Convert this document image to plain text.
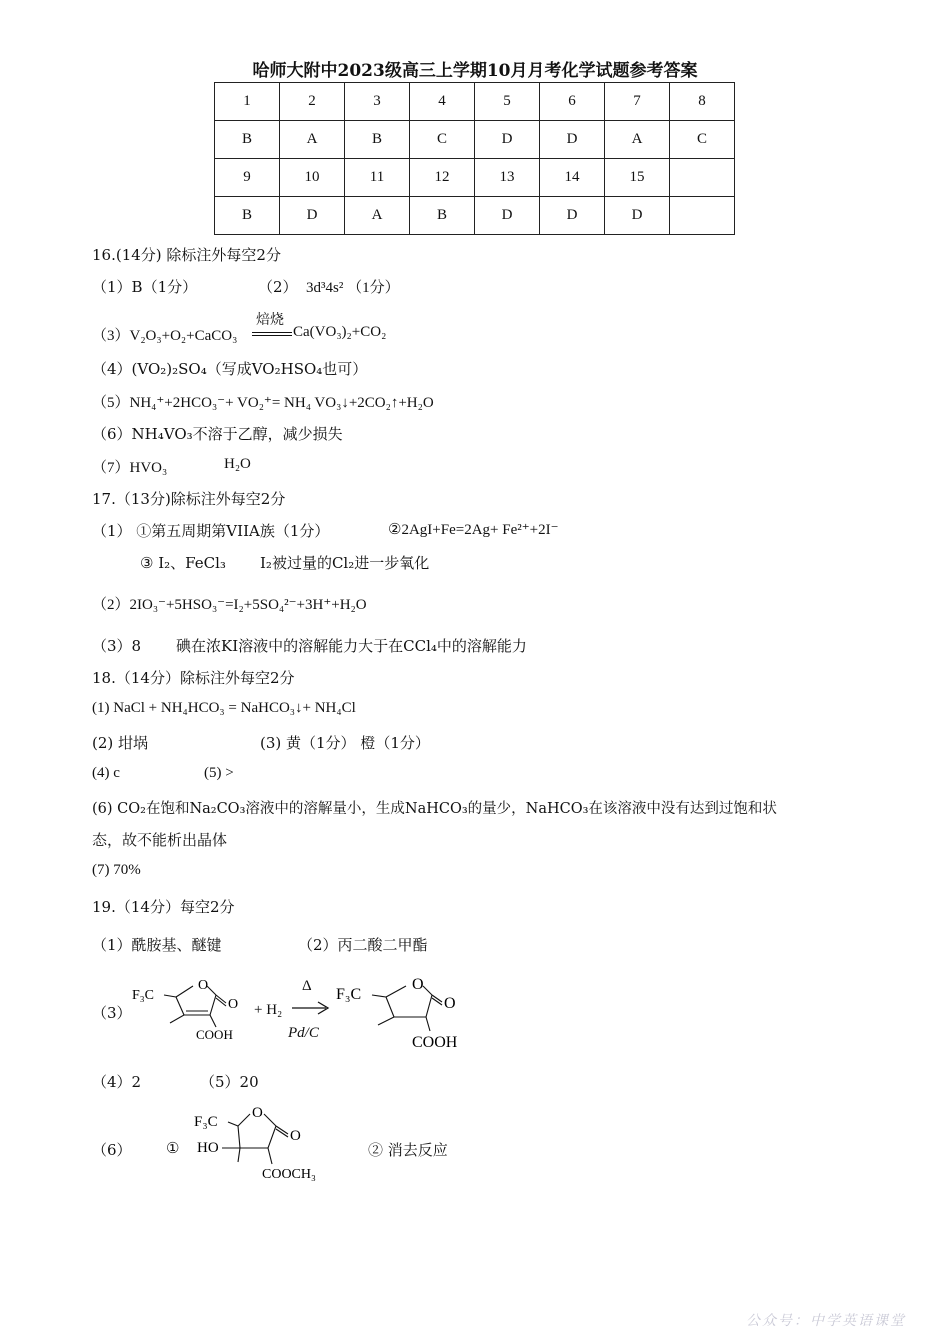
哈师大附中2023级高三上学期10月月考化学试题参考答案
1	2	3	4	5	6	7	8
B	A	B	C	D	D	A	C
9	10	11	12	13	14	15	
B	D	A	B	D	D	D	
16.(14分) 除标注外每空2分
（1）B（1分）	（2） 3d³4s² （1分）
（3）V₂O₃+O₂+CaCO₃
焙烧
Ca(VO₃)₂+CO₂
（4）(VO₂)₂SO₄（写成VO₂HSO₄也可）
（5）NH₄⁺+2HCO₃⁻+ VO₂⁺= NH₄ VO₃↓+2CO₂↑+H₂O
（6）NH₄VO₃不溶于乙醇，减少损失
（7）HVO₃	H₂O
17.（13分)除标注外每空2分
（1） ①第五周期第VIIA族（1分）	②2AgI+Fe=2Ag+ Fe²⁺+2I⁻
③ I₂、FeCl₃ I₂被过量的Cl₂进一步氧化
（2）2IO₃⁻+5HSO₃⁻=I₂+5SO₄²⁻+3H⁺+H₂O
（3）8 碘在浓KI溶液中的溶解能力大于在CCl₄中的溶解能力
18.（14分）除标注外每空2分
(1) NaCl + NH₄HCO₃ = NaHCO₃↓+ NH₄Cl
(2) 坩埚	(3) 黄（1分） 橙（1分）
(4) c	(5) >
(6) CO₂在饱和Na₂CO₃溶液中的溶解量小，生成NaHCO₃的量少，NaHCO₃在该溶液中没有达到过饱和状
态，故不能析出晶体
(7) 70%
19.（14分）每空2分
（1）酰胺基、醚键	（2）丙二酸二甲酯
（3）
F₃C
O
O
COOH
+ H₂
Δ
Pd/C
F₃C
O
O
COOH
（4）2	（5）20
（6） ①
F₃C
O
O
HO
COOCH₃
② 消去反应
公众号：中学英语课堂
